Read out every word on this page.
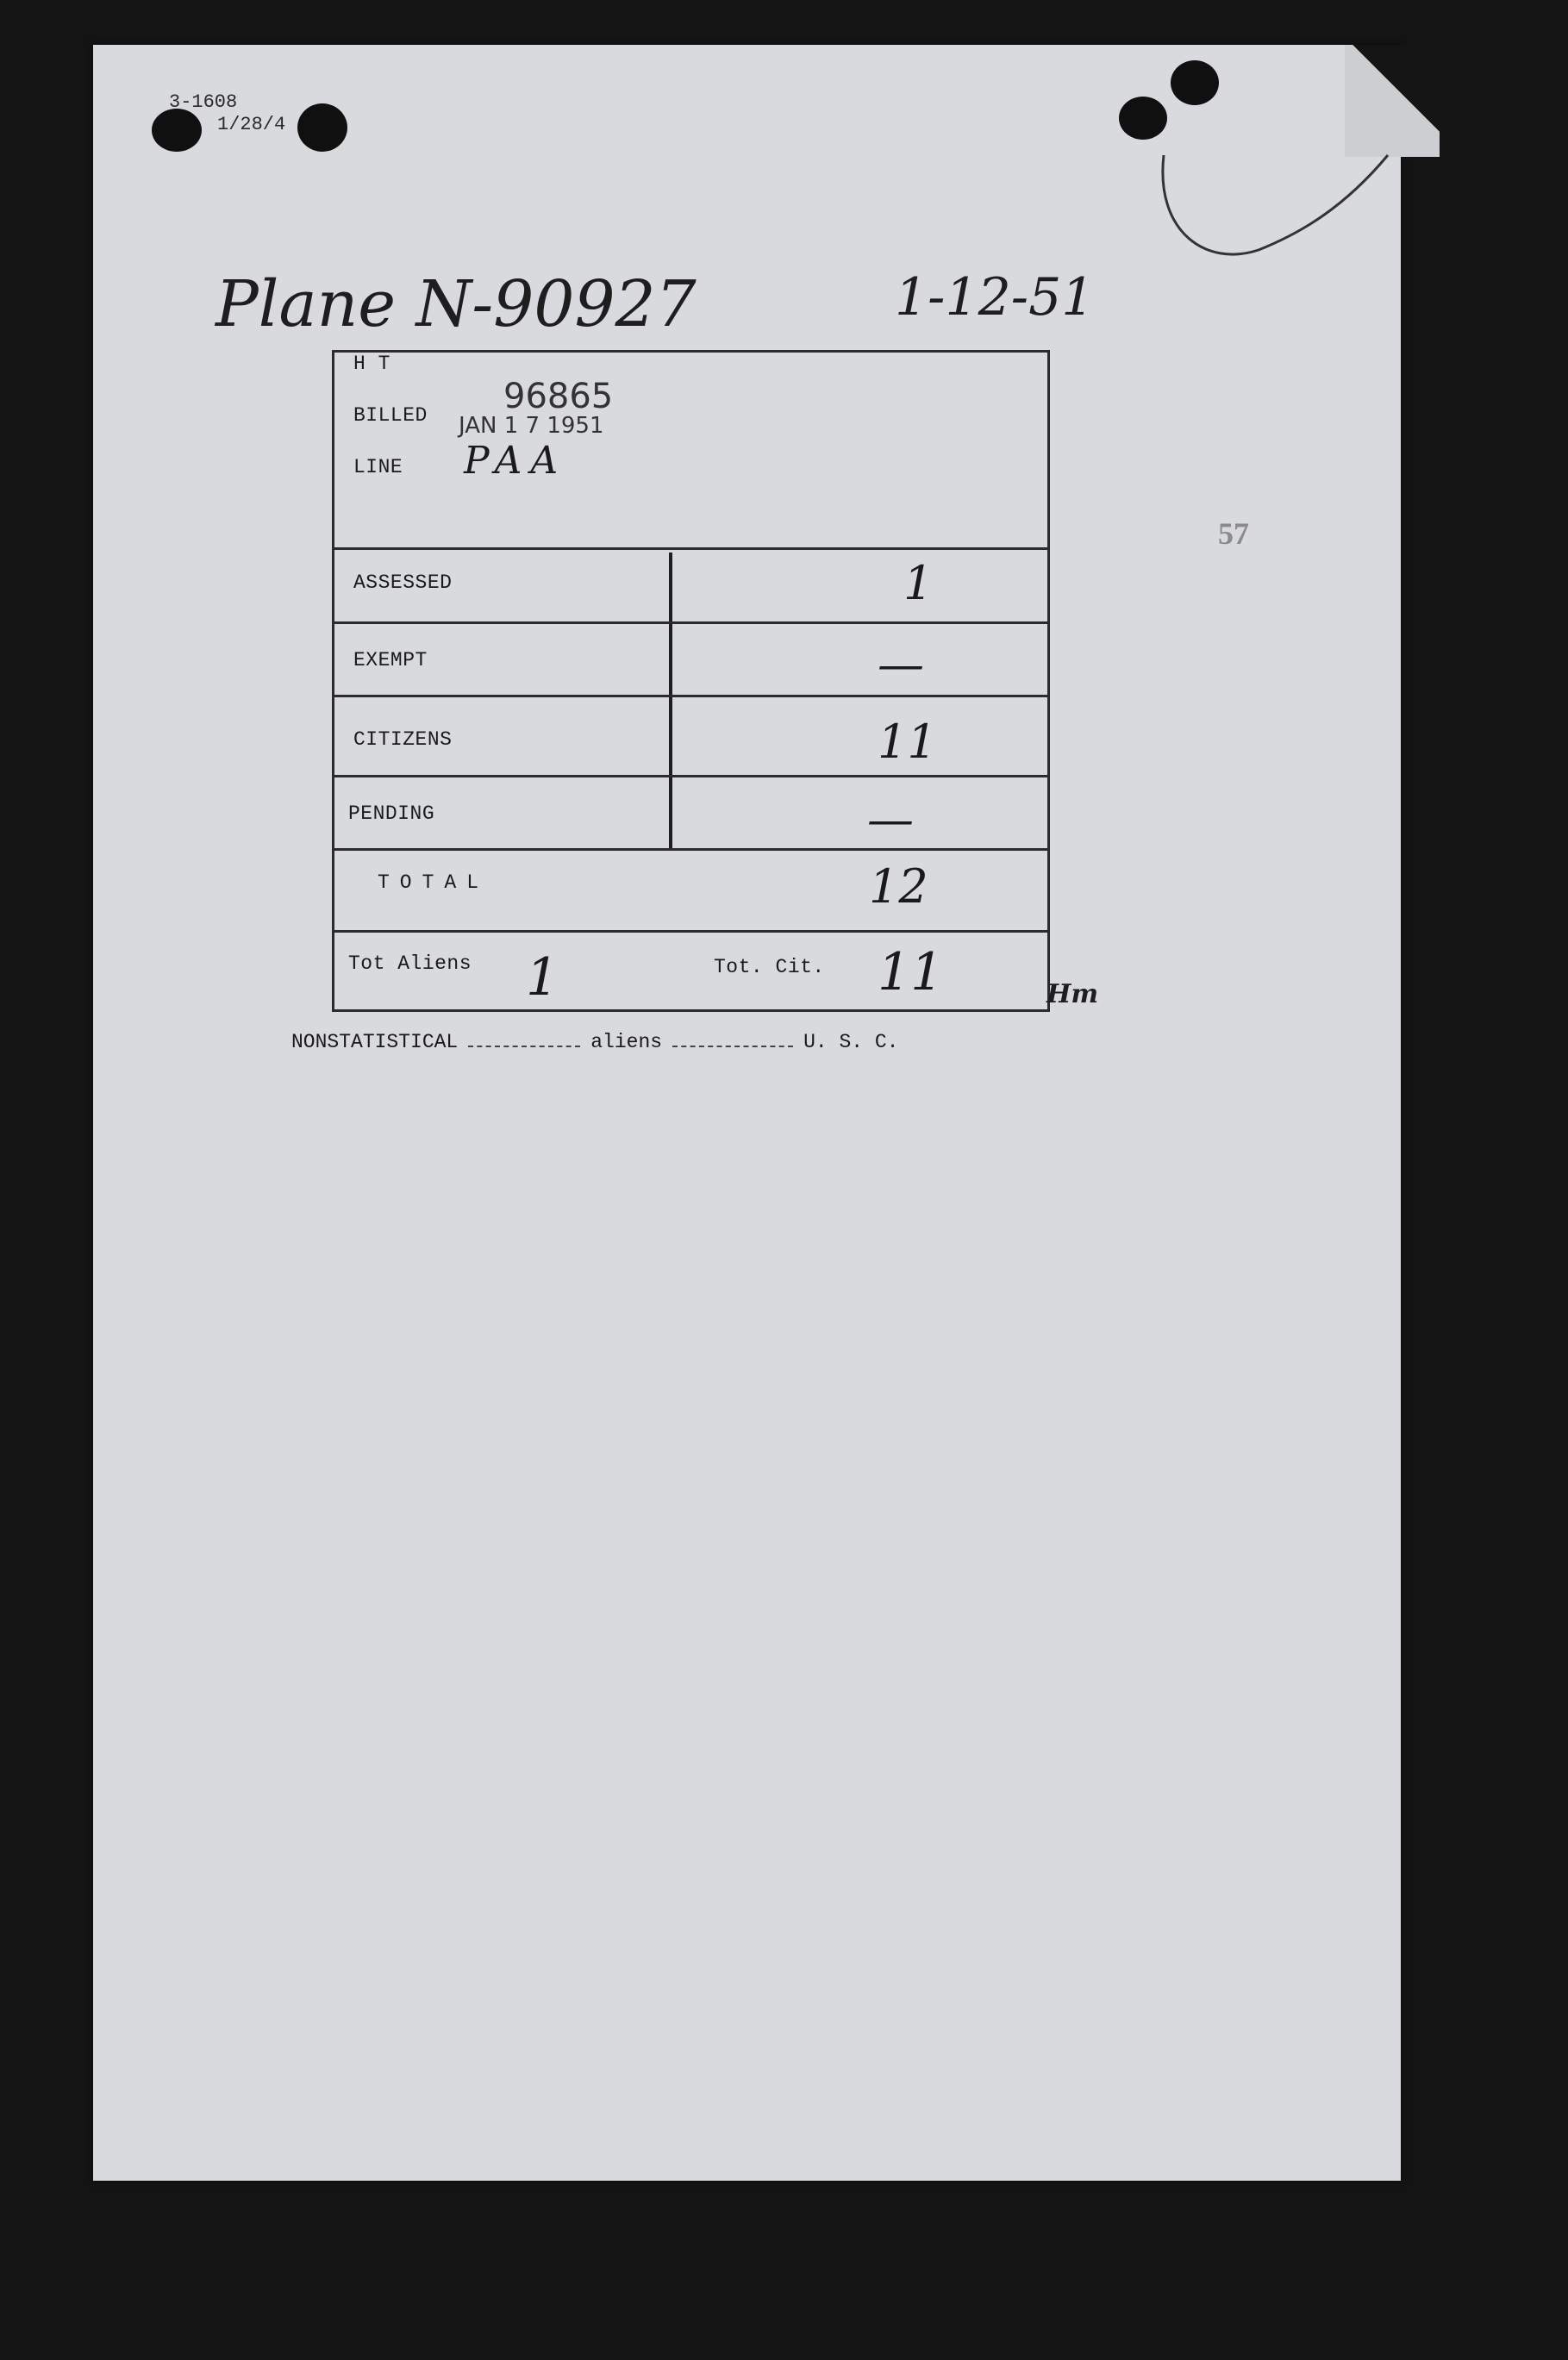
3-1608
1/28/4
Plane N-90927	1-12-51
57
H T
BILLED 96865
JAN 1 7 1951
LINE PAA
ASSESSED	1
EXEMPT	—
CITIZENS	11
PENDING	—
TOTAL	12
Tot Aliens 1	Tot. Cit. 11	Hm
NONSTATISTICAL	aliens	U. S. C.
